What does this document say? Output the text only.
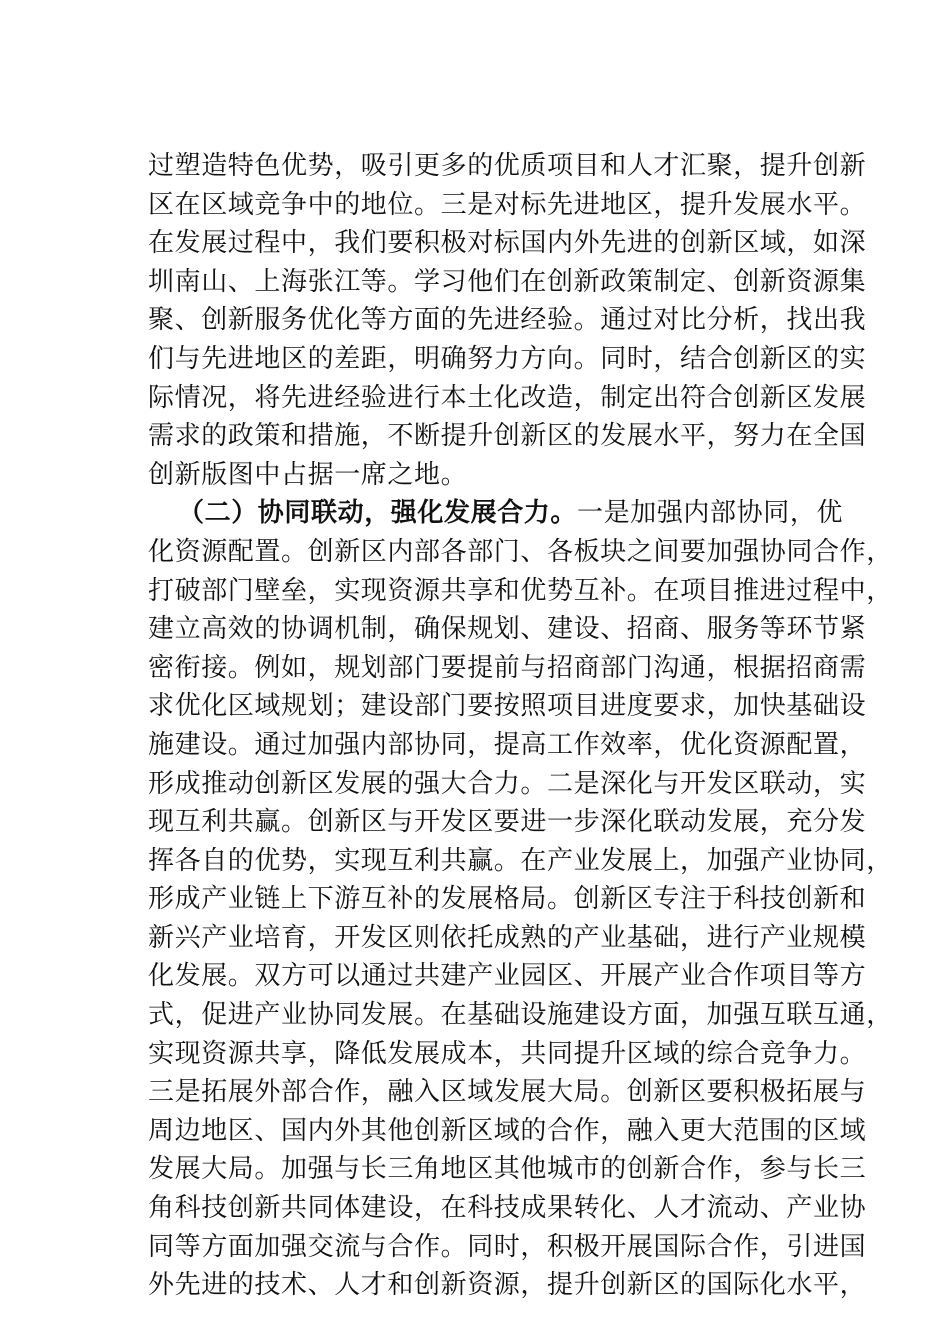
过塑造特色优势，吸引更多的优质项目和人才汇聚，提升创新
区在区域竞争中的地位。三是对标先进地区，提升发展水平。
在发展过程中，我们要积极对标国内外先进的创新区域，如深
圳南山、上海张江等。学习他们在创新政策制定、创新资源集
聚、创新服务优化等方面的先进经验。通过对比分析，找出我
们与先进地区的差距，明确努力方向。同时，结合创新区的实
际情况，将先进经验进行本土化改造，制定出符合创新区发展
需求的政策和措施，不断提升创新区的发展水平，努力在全国
创新版图中占据一席之地。
（二）协同联动，强化发展合力。一是加强内部协同，优
化资源配置。创新区内部各部门、各板块之间要加强协同合作，
打破部门壁垒，实现资源共享和优势互补。在项目推进过程中，
建立高效的协调机制，确保规划、建设、招商、服务等环节紧
密衔接。例如，规划部门要提前与招商部门沟通，根据招商需
求优化区域规划；建设部门要按照项目进度要求，加快基础设
施建设。通过加强内部协同，提高工作效率，优化资源配置，
形成推动创新区发展的强大合力。二是深化与开发区联动，实
现互利共赢。创新区与开发区要进一步深化联动发展，充分发
挥各自的优势，实现互利共赢。在产业发展上，加强产业协同，
形成产业链上下游互补的发展格局。创新区专注于科技创新和
新兴产业培育，开发区则依托成熟的产业基础，进行产业规模
化发展。双方可以通过共建产业园区、开展产业合作项目等方
式，促进产业协同发展。在基础设施建设方面，加强互联互通，
实现资源共享，降低发展成本，共同提升区域的综合竞争力。
三是拓展外部合作，融入区域发展大局。创新区要积极拓展与
周边地区、国内外其他创新区域的合作，融入更大范围的区域
发展大局。加强与长三角地区其他城市的创新合作，参与长三
角科技创新共同体建设，在科技成果转化、人才流动、产业协
同等方面加强交流与合作。同时，积极开展国际合作，引进国
外先进的技术、人才和创新资源，提升创新区的国际化水平，
